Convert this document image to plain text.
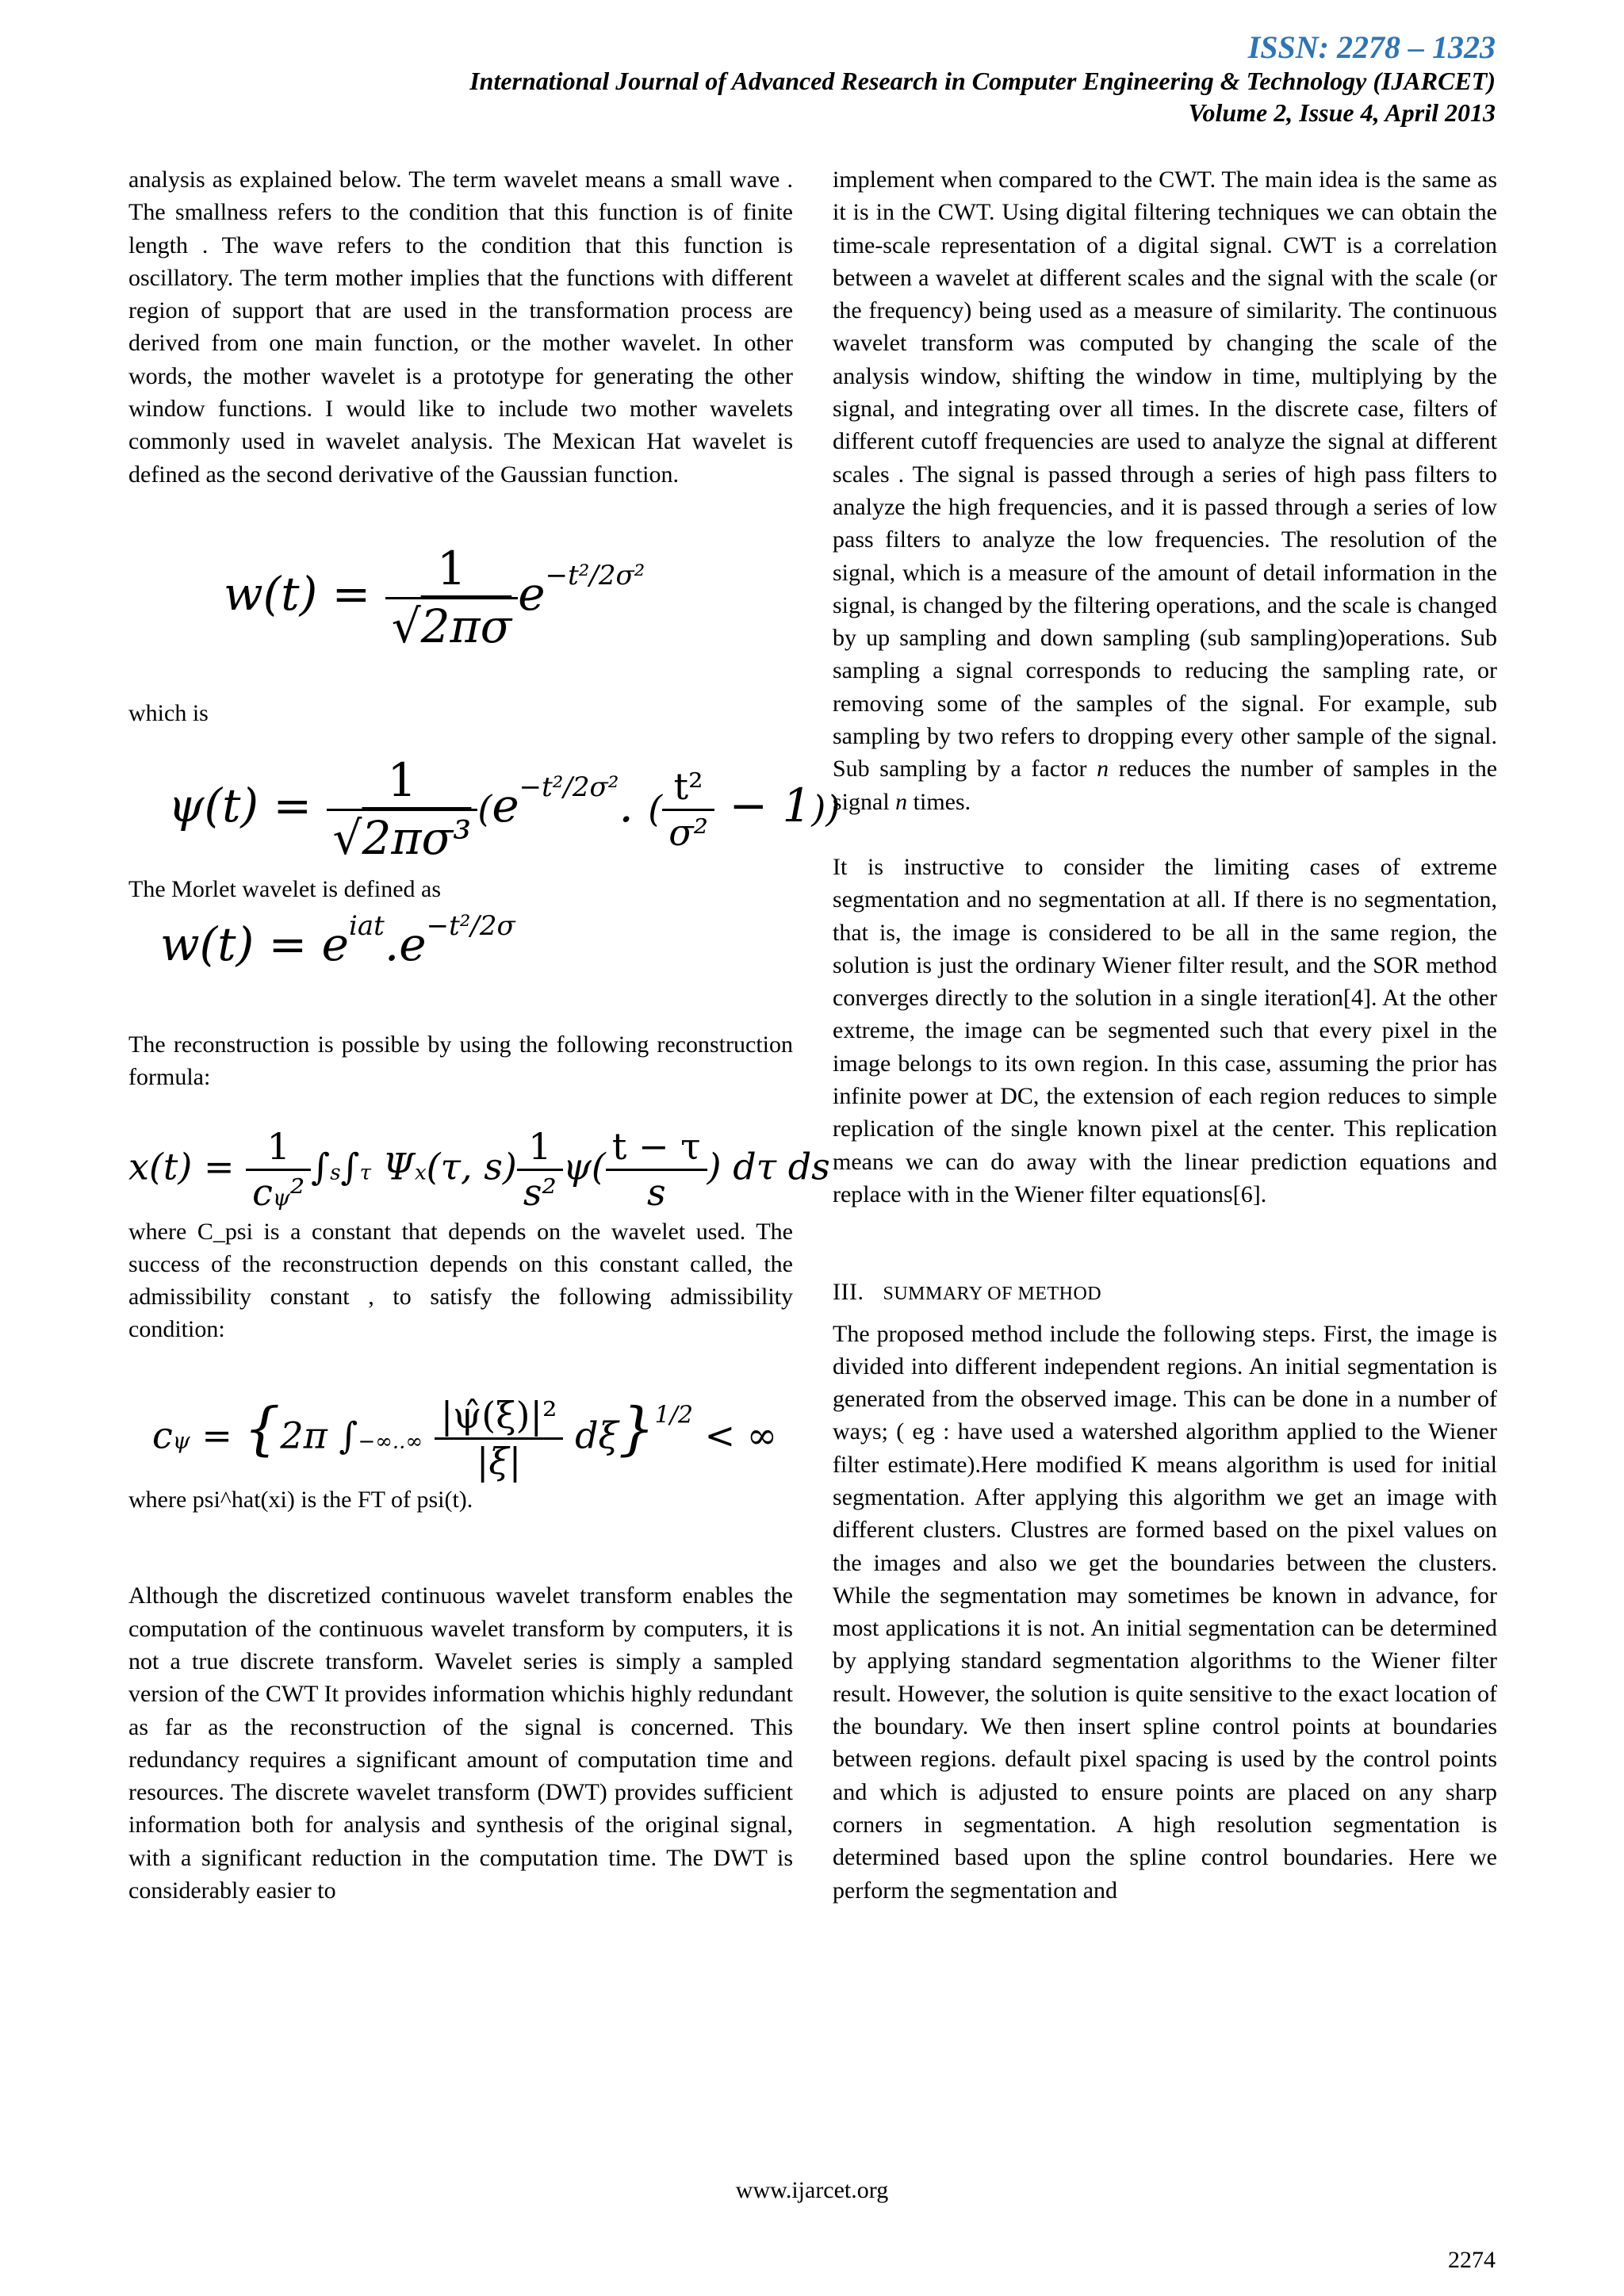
ISSN: 2278 – 1323
International Journal of Advanced Research in Computer Engineering & Technology (IJARCET)
Volume 2, Issue 4, April 2013

analysis as explained below. The term wavelet means a small wave . The smallness refers to the condition that this function is of finite length . The wave refers to the condition that this function is oscillatory. The term mother implies that the functions with different region of support that are used in the transformation process are derived from one main function, or the mother wavelet. In other words, the mother wavelet is a prototype for generating the other window functions. I would like to include two mother wavelets commonly used in wavelet analysis. The Mexican Hat wavelet is defined as the second derivative of the Gaussian function.

$w(t) = \frac{1}{√2\pi\sigma} e^{-t^2/2\sigma^2}$

which is

$\psi(t) = \frac{1}{\text{√2πσ³}} (e^{-t^2/2\sigma^2}$. ( $\frac{\text{t²}}{\text{σ²}} - 1$))

The Morlet wavelet is defined as

$w(t) = e^{iat}.e^{-t^2/2\sigma}$

The reconstruction is possible by using the following reconstruction formula:

$x(t) = \frac{1}{\text{cψ²}} \int s\int\tau$ Ψx(τ, $s) \frac{1}{\text{s²}} \psi( \frac{t - \tau}{s}$ ) dτ ds

where C_psi is a constant that depends on the wavelet used. The success of the reconstruction depends on this constant called, the admissibility constant , to satisfy the following admissibility condition:

cψ = {2π ∫−∞..∞ $\frac{\text{|ψ̂(ξ)|²}}{|\xi|} d\xi\}^{1/2}$ < ∞

where psi^hat(xi) is the FT of psi(t).

Although the discretized continuous wavelet transform enables the computation of the continuous wavelet transform by computers, it is not a true discrete transform. Wavelet series is simply a sampled version of the CWT It provides information whichis highly redundant as far as the reconstruction of the signal is concerned. This redundancy requires a significant amount of computation time and resources. The discrete wavelet transform (DWT) provides sufficient information both for analysis and synthesis of the original signal, with a significant reduction in the computation time. The DWT is considerably easier to

implement when compared to the CWT. The main idea is the same as it is in the CWT. Using digital filtering techniques we can obtain the time-scale representation of a digital signal. CWT is a correlation between a wavelet at different scales and the signal with the scale (or the frequency) being used as a measure of similarity. The continuous wavelet transform was computed by changing the scale of the analysis window, shifting the window in time, multiplying by the signal, and integrating over all times. In the discrete case, filters of different cutoff frequencies are used to analyze the signal at different scales . The signal is passed through a series of high pass filters to analyze the high frequencies, and it is passed through a series of low pass filters to analyze the low frequencies. The resolution of the signal, which is a measure of the amount of detail information in the signal, is changed by the filtering operations, and the scale is changed by up sampling and down sampling (sub sampling)operations. Sub sampling a signal corresponds to reducing the sampling rate, or removing some of the samples of the signal. For example, sub sampling by two refers to dropping every other sample of the signal. Sub sampling by a factor n reduces the number of samples in the signal n times.

It is instructive to consider the limiting cases of extreme segmentation and no segmentation at all. If there is no segmentation, that is, the image is considered to be all in the same region, the solution is just the ordinary Wiener filter result, and the SOR method converges directly to the solution in a single iteration[4]. At the other extreme, the image can be segmented such that every pixel in the image belongs to its own region. In this case, assuming the prior has infinite power at DC, the extension of each region reduces to simple replication of the single known pixel at the center. This replication means we can do away with the linear prediction equations and replace with in the Wiener filter equations[6].

III. SUMMARY OF METHOD

The proposed method include the following steps. First, the image is divided into different independent regions. An initial segmentation is generated from the observed image. This can be done in a number of ways; ( eg : have used a watershed algorithm applied to the Wiener filter estimate).Here modified K means algorithm is used for initial segmentation. After applying this algorithm we get an image with different clusters. Clustres are formed based on the pixel values on the images and also we get the boundaries between the clusters. While the segmentation may sometimes be known in advance, for most applications it is not. An initial segmentation can be determined by applying standard segmentation algorithms to the Wiener filter result. However, the solution is quite sensitive to the exact location of the boundary. We then insert spline control points at boundaries between regions. default pixel spacing is used by the control points and which is adjusted to ensure points are placed on any sharp corners in segmentation. A high resolution segmentation is determined based upon the spline control boundaries. Here we perform the segmentation and

www.ijarcet.org
2274
